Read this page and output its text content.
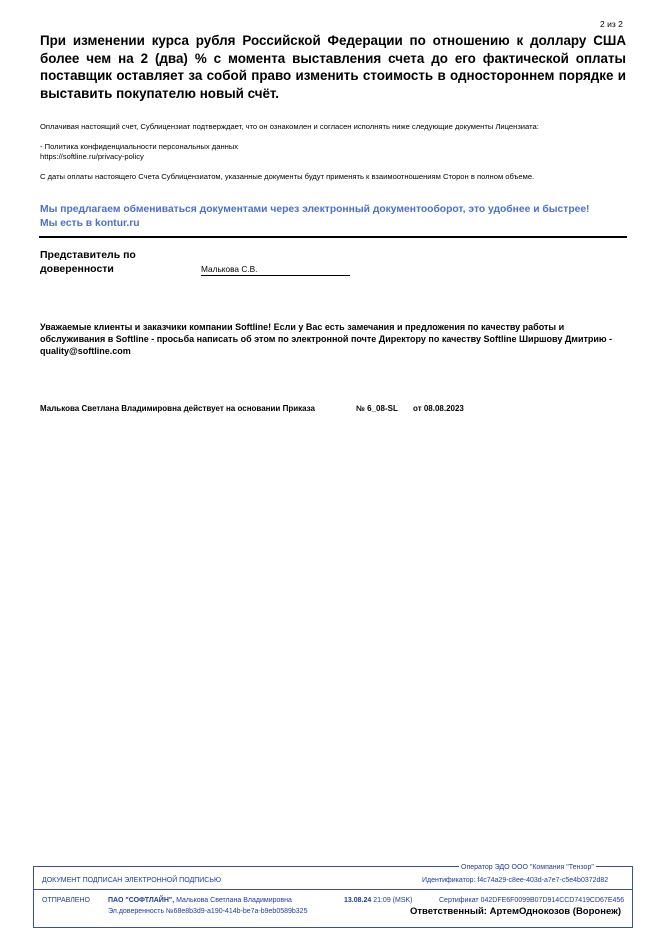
2 из 2
При изменении курса рубля Российской Федерации по отношению к доллару США более чем на 2 (два) % с момента выставления счета до его фактической оплаты поставщик оставляет за собой право изменить стоимость в одностороннем порядке и выставить покупателю новый счёт.
Оплачивая настоящий счет, Сублицензиат подтверждает, что он ознакомлен и согласен исполнять ниже следующие документы Лицензиата:
- Политика конфиденциальности персональных данных
https://softline.ru/privacy-policy
С даты оплаты настоящего Счета Сублицензиатом, указанные документы будут применять к взаимоотношениям Сторон в полном объеме.
Мы предлагаем обмениваться документами через электронный документооборот, это удобнее и быстрее!
Мы есть в kontur.ru
Представитель по
доверенности	Малькова С.В.
Уважаемые клиенты и заказчики компании Softline! Если у Вас есть замечания и предложения по качеству работы и обслуживания в Softline - просьба написать об этом по электронной почте Директору по качеству Softline Ширшову Дмитрию - quality@softline.com
Малькова Светлана Владимировна действует на основании Приказа	№ 6_08-SL от 08.08.2023
Оператор ЭДО ООО "Компания "Тензор"
ДОКУМЕНТ ПОДПИСАН ЭЛЕКТРОННОЙ ПОДПИСЬЮ	Идентификатор: f4c74a29-c8ee-403d-a7e7-c5e4b0372d82
ОТПРАВЛЕНО	ПАО "СОФТЛАЙН", Малькова Светлана Владимировна
Эл.доверенность №68e8b3d9-a190-414b-be7a-b9eb0589b325
13.08.24 21:09 (MSK)	Сертификат 042DFE6F0099B07D914CCD7419CD67E456
Ответственный: АртемОднокозов (Воронеж)
